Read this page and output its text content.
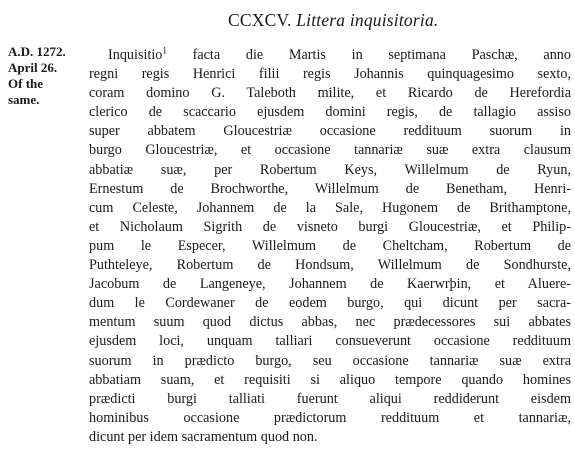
CCXCV. Littera inquisitoria.
A.D. 1272.
April 26.
Of the
same.
Inquisitio$^1$ facta die Martis in septimana Paschæ, anno
regni regis Henrici filii regis Johannis quinquagesimo sexto,
coram domino G. Taleboth milite, et Ricardo de Herefordia
clerico de scaccario ejusdem domini regis, de tallagio assiso
super abbatem Gloucestriæ occasione reddituum suorum in
burgo Gloucestriæ, et occasione tannariæ suæ extra clausum
abbatiæ suæ, per Robertum Keys, Willelmum de Ryun,
Ernestum de Brochworthe, Willelmum de Benetham, Henri-
cum Celeste, Johannem de la Sale, Hugonem de Brithamptone,
et Nicholaum Sigrith de visneto burgi Gloucestriæ, et Philip-
pum le Especer, Willelmum de Cheltcham, Robertum de
Puthteleye, Robertum de Hondsum, Willelmum de Sondhurste,
Jacobum de Langeneye, Johannem de Kaerwrþin, et Aluere-
dum le Cordewaner de eodem burgo, qui dicunt per sacra-
mentum suum quod dictus abbas, nec prædecessores sui abbates
ejusdem loci, unquam talliari consueverunt occasione reddituum
suorum in prædicto burgo, seu occasione tannariæ suæ extra
abbatiam suam, et requisiti si aliquo tempore quando homines
prædicti burgi talliati fuerunt aliqui reddiderunt eisdem
hominibus occasione prædictorum reddituum et tannariæ,
dicunt per idem sacramentum quod non.
